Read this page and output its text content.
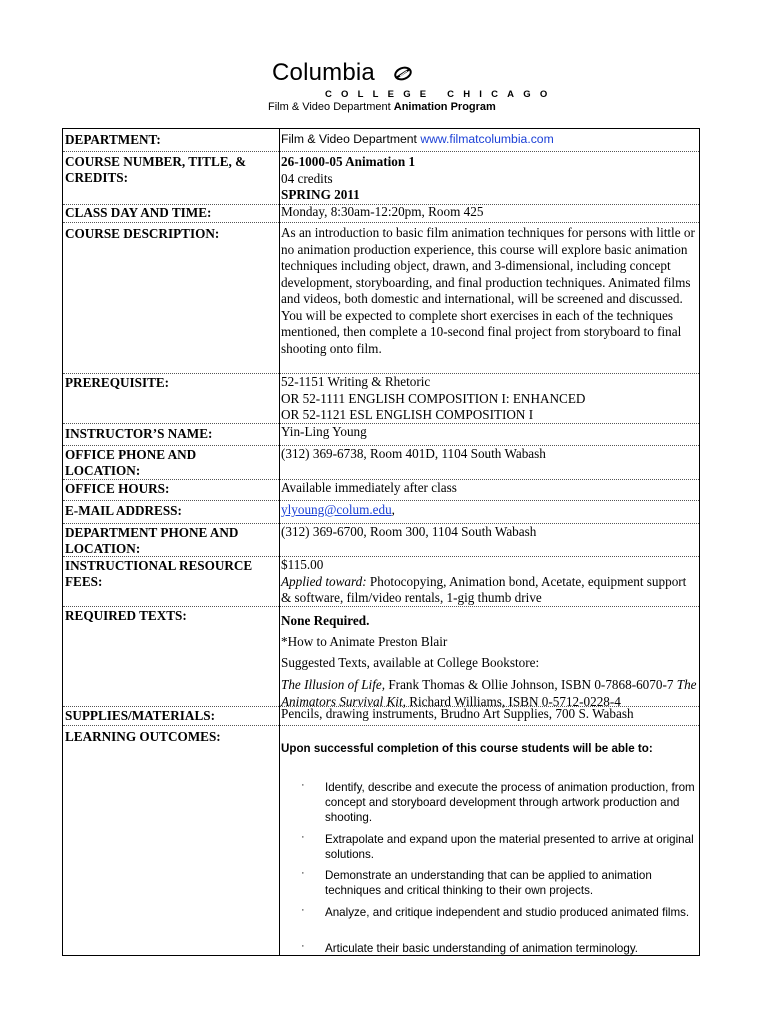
Columbia
COLLEGE CHICAGO
Film & Video Department Animation Program
DEPARTMENT:	Film & Video Department www.filmatcolumbia.com
COURSE NUMBER, TITLE, & CREDITS:
26-1000-05 Animation 1
04 credits
SPRING 2011
CLASS DAY AND TIME:	Monday, 8:30am-12:20pm, Room 425
COURSE DESCRIPTION:	As an introduction to basic film animation techniques for persons with little or no animation production experience, this course will explore basic animation techniques including object, drawn, and 3-dimensional, including concept development, storyboarding, and final production techniques. Animated films and videos, both domestic and international, will be screened and discussed. You will be expected to complete short exercises in each of the techniques mentioned, then complete a 10-second final project from storyboard to final shooting onto film.
PREREQUISITE:	52-1151 Writing & Rhetoric
OR 52-1111 ENGLISH COMPOSITION I: ENHANCED
OR 52-1121 ESL ENGLISH COMPOSITION I
INSTRUCTOR’S NAME:	Yin-Ling Young
OFFICE PHONE AND LOCATION:
(312) 369-6738, Room 401D, 1104 South Wabash
OFFICE HOURS:	Available immediately after class
E-MAIL ADDRESS:	ylyoung@colum.edu,
DEPARTMENT PHONE AND LOCATION:
(312) 369-6700, Room 300, 1104 South Wabash
INSTRUCTIONAL RESOURCE FEES:
$115.00
Applied toward: Photocopying, Animation bond, Acetate, equipment support & software, film/video rentals, 1-gig thumb drive
REQUIRED TEXTS:	None Required.
*How to Animate Preston Blair
Suggested Texts, available at College Bookstore:
The Illusion of Life, Frank Thomas & Ollie Johnson, ISBN 0-7868-6070-7 The Animators Survival Kit, Richard Williams, ISBN 0-5712-0228-4
SUPPLIES/MATERIALS:	Pencils, drawing instruments, Brudno Art Supplies, 700 S. Wabash
LEARNING OUTCOMES:
Upon successful completion of this course students will be able to:
· Identify, describe and execute the process of animation production, from concept and storyboard development through artwork production and shooting.
· Extrapolate and expand upon the material presented to arrive at original solutions.
· Demonstrate an understanding that can be applied to animation techniques and critical thinking to their own projects.
· Analyze, and critique independent and studio produced animated films.
· Articulate their basic understanding of animation terminology.
